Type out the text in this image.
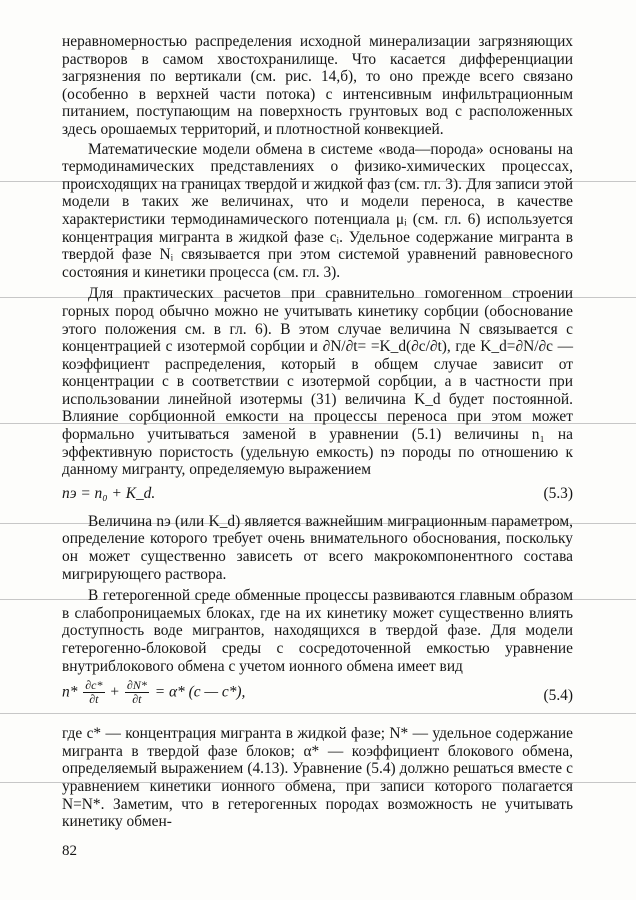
неравномерностью распределения исходной минерализации загрязняющих растворов в самом хвостохранилище. Что касается дифференциации загрязнения по вертикали (см. рис. 14,б), то оно прежде всего связано (особенно в верхней части потока) с интенсивным инфильтрационным питанием, поступающим на поверхность грунтовых вод с расположенных здесь орошаемых территорий, и плотностной конвекцией.

Математические модели обмена в системе «вода—порода» основаны на термодинамических представлениях о физико-химических процессах, происходящих на границах твердой и жидкой фаз (см. гл. 3). Для записи этой модели в таких же величинах, что и модели переноса, в качестве характеристики термодинамического потенциала μᵢ (см. гл. 6) используется концентрация мигранта в жидкой фазе cᵢ. Удельное содержание мигранта в твердой фазе Nᵢ связывается при этом системой уравнений равновесного состояния и кинетики процесса (см. гл. 3).

Для практических расчетов при сравнительно гомогенном строении горных пород обычно можно не учитывать кинетику сорбции (обоснование этого положения см. в гл. 6). В этом случае величина N связывается с концентрацией c изотермой сорбции и ∂N/∂t= =K_d(∂c/∂t), где K_d=∂N/∂c — коэффициент распределения, который в общем случае зависит от концентрации c в соответствии с изотермой сорбции, а в частности при использовании линейной изотермы (31) величина K_d будет постоянной. Влияние сорбционной емкости на процессы переноса при этом может формально учитываться заменой в уравнении (5.1) величины n₁ на эффективную пористость (удельную емкость) nэ породы по отношению к данному мигранту, определяемую выражением

nэ = n₀ + K_d.	(5.3)

Величина nэ (или K_d) является важнейшим миграционным параметром, определение которого требует очень внимательного обоснования, поскольку он может существенно зависеть от всего макрокомпонентного состава мигрирующего раствора.

В гетерогенной среде обменные процессы развиваются главным образом в слабопроницаемых блоках, где на их кинетику может существенно влиять доступность воде мигрантов, находящихся в твердой фазе. Для модели гетерогенно-блоковой среды с сосредоточенной емкостью уравнение внутриблокового обмена с учетом ионного обмена имеет вид

$n* \frac{\partial c*}{\partial t} + \frac{\partial N*}{\partial t} = \alpha*$ (c — c*),	(5.4)

где c* — концентрация мигранта в жидкой фазе; N* — удельное содержание мигранта в твердой фазе блоков; α* — коэффициент блокового обмена, определяемый выражением (4.13). Уравнение (5.4) должно решаться вместе с уравнением кинетики ионного обмена, при записи которого полагается N=N*. Заметим, что в гетерогенных породах возможность не учитывать кинетику обмен-

82
